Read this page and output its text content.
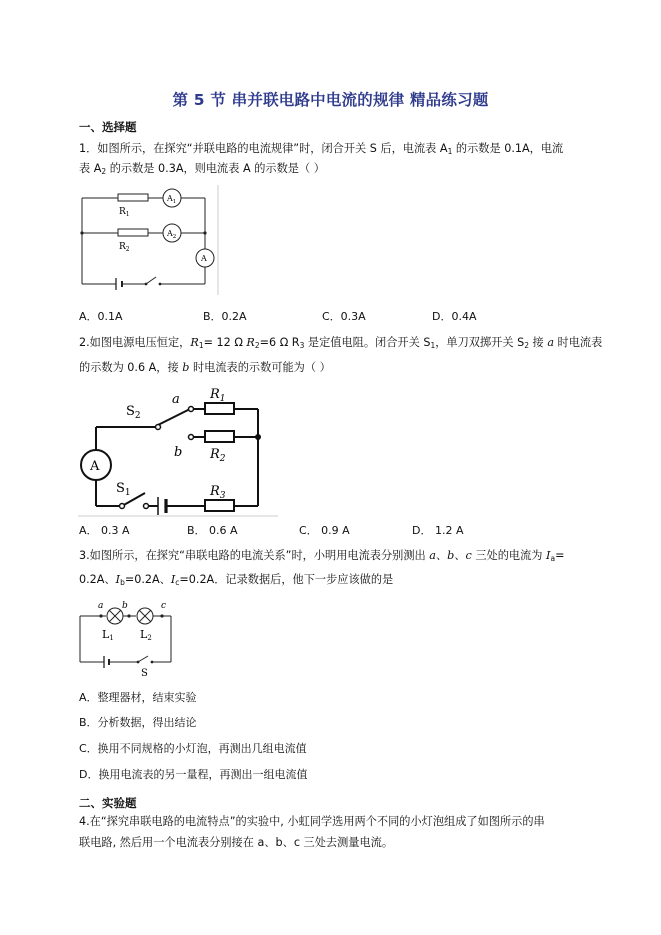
第 5 节 串并联电路中电流的规律 精品练习题
一、选择题
1．如图所示，在探究“并联电路的电流规律”时，闭合开关 S 后，电流表 $A_1$ 的示数是 0.1A，电流
表 $A_2$ 的示数是 0.3A，则电流表 A 的示数是（ ）
$R_1$
$R_2$
$A_1$
$A_2$
A
A．0.1A	B．0.2A	C．0.3A	D．0.4A
2.如图电源电压恒定，$R_1= 12$ Ω $R_2=6$ Ω $R_3$ 是定值电阻。闭合开关 $S_1$，单刀双掷开关 $S_2$ 接 a 时电流表
的示数为 0.6 A，接 b 时电流表的示数可能为（ ）
$S_2$
a
b
$R_1$
$R_2$
$R_3$
$S_1$
A
A． 0.3 A	B． 0.6 A	C． 0.9 A	D． 1.2 A
3.如图所示，在探究“串联电路的电流关系”时，小明用电流表分别测出 a、b、c 三处的电流为 $I_a=$
0.2A、$I_b=0.2A$、$I_c=0.2A$．记录数据后，他下一步应该做的是
a b	c
L1 L2
S
A．整理器材，结束实验
B．分析数据，得出结论
C．换用不同规格的小灯泡，再测出几组电流值
D．换用电流表的另一量程，再测出一组电流值
二、实验题
4.在“探究串联电路的电流特点”的实验中, 小虹同学选用两个不同的小灯泡组成了如图所示的串
联电路, 然后用一个电流表分别接在 a、b、c 三处去测量电流。
